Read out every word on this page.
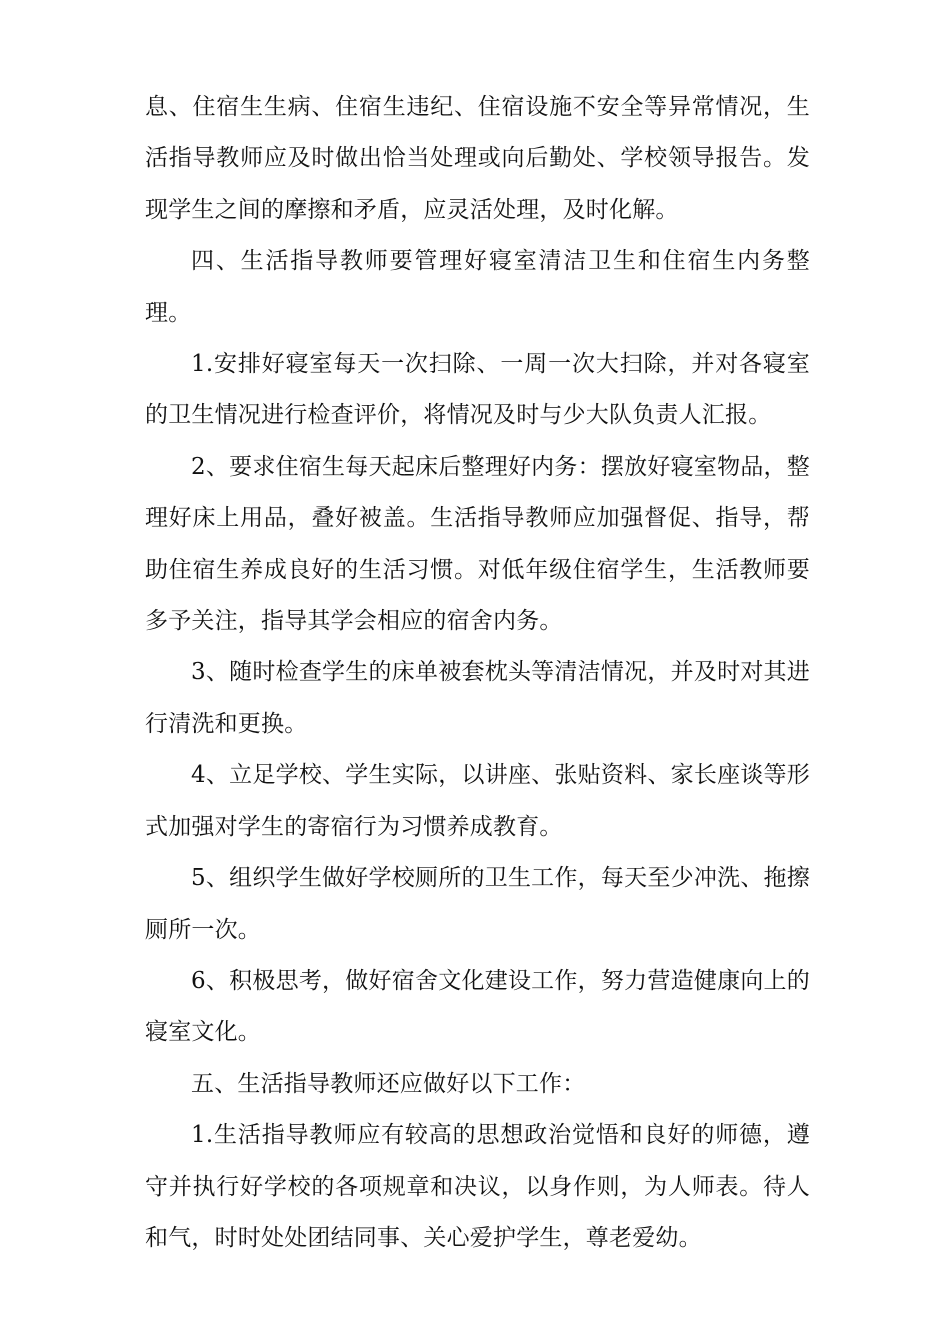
息、住宿生生病、住宿生违纪、住宿设施不安全等异常情况，生活指导教师应及时做出恰当处理或向后勤处、学校领导报告。发现学生之间的摩擦和矛盾，应灵活处理，及时化解。

四、生活指导教师要管理好寝室清洁卫生和住宿生内务整理。

1.安排好寝室每天一次扫除、一周一次大扫除，并对各寝室的卫生情况进行检查评价，将情况及时与少大队负责人汇报。

2、要求住宿生每天起床后整理好内务：摆放好寝室物品，整理好床上用品，叠好被盖。生活指导教师应加强督促、指导，帮助住宿生养成良好的生活习惯。对低年级住宿学生，生活教师要多予关注，指导其学会相应的宿舍内务。

3、随时检查学生的床单被套枕头等清洁情况，并及时对其进行清洗和更换。

4、立足学校、学生实际，以讲座、张贴资料、家长座谈等形式加强对学生的寄宿行为习惯养成教育。

5、组织学生做好学校厕所的卫生工作，每天至少冲洗、拖擦厕所一次。

6、积极思考，做好宿舍文化建设工作，努力营造健康向上的寝室文化。

五、生活指导教师还应做好以下工作：

1.生活指导教师应有较高的思想政治觉悟和良好的师德，遵守并执行好学校的各项规章和决议，以身作则，为人师表。待人和气，时时处处团结同事、关心爱护学生，尊老爱幼。
